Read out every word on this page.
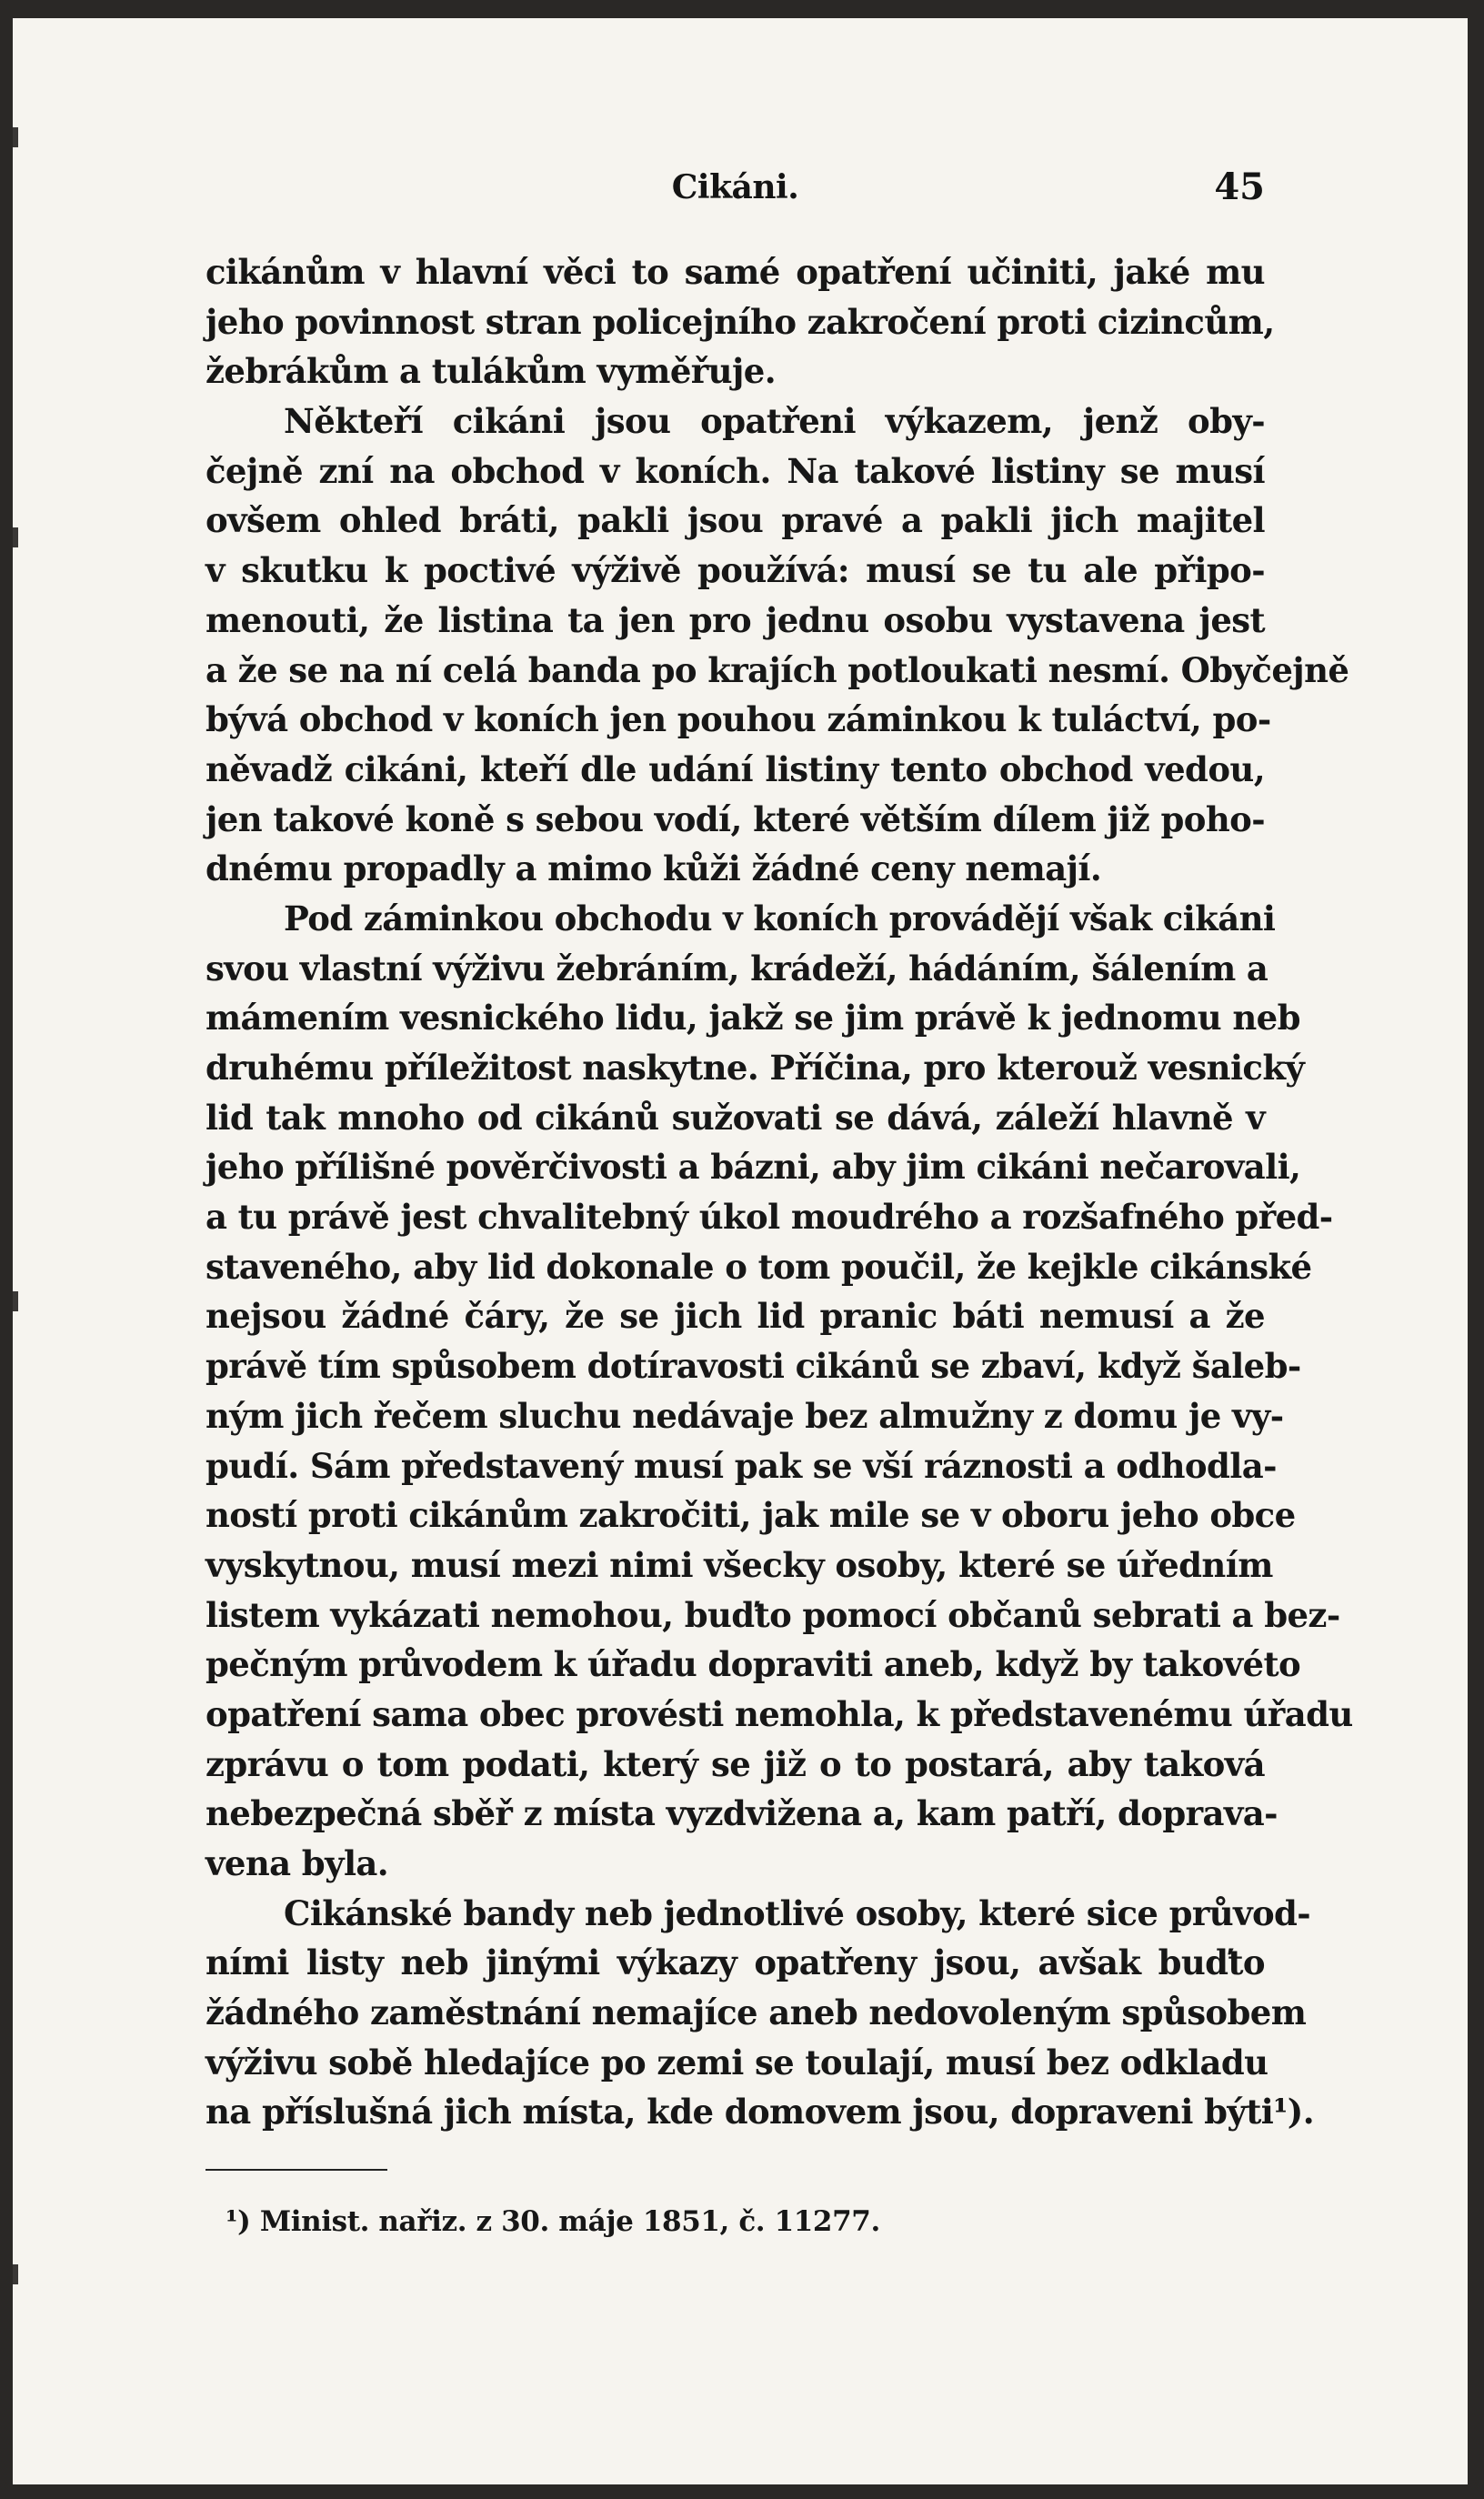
Cikáni.	45
cikánům v hlavní věci to samé opatření učiniti, jaké mu
jeho povinnost stran policejního zakročení proti cizincům,
žebrákům a tulákům vyměřuje.
Někteří cikáni jsou opatřeni výkazem, jenž oby-
čejně zní na obchod v koních. Na takové listiny se musí
ovšem ohled bráti, pakli jsou pravé a pakli jich majitel
v skutku k poctivé výživě používá: musí se tu ale připo-
menouti, že listina ta jen pro jednu osobu vystavena jest
a že se na ní celá banda po krajích potloukati nesmí. Obyčejně
bývá obchod v koních jen pouhou záminkou k tuláctví, po-
něvadž cikáni, kteří dle udání listiny tento obchod vedou,
jen takové koně s sebou vodí, které větším dílem již poho-
dnému propadly a mimo kůži žádné ceny nemají.
Pod záminkou obchodu v koních provádějí však cikáni
svou vlastní výživu žebráním, krádeží, hádáním, šálením a
mámením vesnického lidu, jakž se jim právě k jednomu neb
druhému příležitost naskytne. Příčina, pro kterouž vesnický
lid tak mnoho od cikánů sužovati se dává, záleží hlavně v
jeho přílišné pověrčivosti a bázni, aby jim cikáni nečarovali,
a tu právě jest chvalitebný úkol moudrého a rozšafného před-
staveného, aby lid dokonale o tom poučil, že kejkle cikánské
nejsou žádné čáry, že se jich lid pranic báti nemusí a že
právě tím spůsobem dotíravosti cikánů se zbaví, když šaleb-
ným jich řečem sluchu nedávaje bez almužny z domu je vy-
pudí. Sám představený musí pak se vší ráznosti a odhodla-
ností proti cikánům zakročiti, jak mile se v oboru jeho obce
vyskytnou, musí mezi nimi všecky osoby, které se úředním
listem vykázati nemohou, buďto pomocí občanů sebrati a bez-
pečným průvodem k úřadu dopraviti aneb, když by takovéto
opatření sama obec provésti nemohla, k představenému úřadu
zprávu o tom podati, který se již o to postará, aby taková
nebezpečná sběř z místa vyzdvižena a, kam patří, doprava-
vena byla.
Cikánské bandy neb jednotlivé osoby, které sice průvod-
ními listy neb jinými výkazy opatřeny jsou, avšak buďto
žádného zaměstnání nemajíce aneb nedovoleným spůsobem
výživu sobě hledajíce po zemi se toulají, musí bez odkladu
na příslušná jich místa, kde domovem jsou, dopraveni býti¹).
¹) Minist. nařiz. z 30. máje 1851, č. 11277.
